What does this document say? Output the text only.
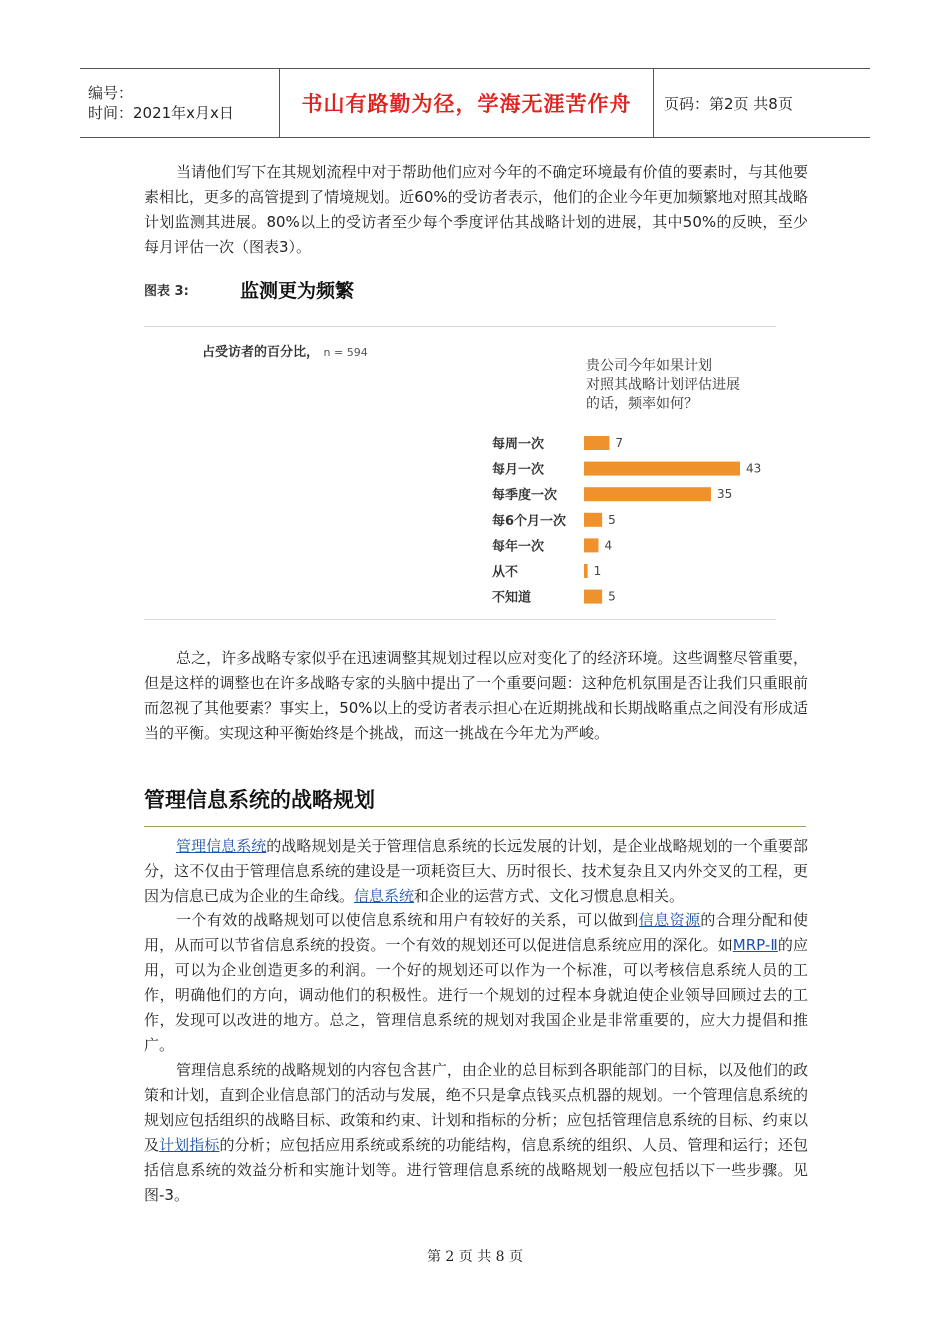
编号：
时间：2021年x月x日	书山有路勤为径，学海无涯苦作舟 页码：第2页 共8页

当请他们写下在其规划流程中对于帮助他们应对今年的不确定环境最有价值的要素时，与其他要素相比，更多的高管提到了情境规划。近60%的受访者表示，他们的企业今年更加频繁地对照其战略计划监测其进展。80%以上的受访者至少每个季度评估其战略计划的进展，其中50%的反映，至少每月评估一次（图表3）。

图表 3:	监测更为频繁
占受访者的百分比， n = 594
贵公司今年如果计划
对照其战略计划评估进展
的话，频率如何？
每周一次	7
每月一次	43
每季度一次	35
每6个月一次	5
每年一次	4
从不	1
不知道	5

总之，许多战略专家似乎在迅速调整其规划过程以应对变化了的经济环境。这些调整尽管重要，但是这样的调整也在许多战略专家的头脑中提出了一个重要问题：这种危机氛围是否让我们只重眼前而忽视了其他要素？事实上，50%以上的受访者表示担心在近期挑战和长期战略重点之间没有形成适当的平衡。实现这种平衡始终是个挑战，而这一挑战在今年尤为严峻。

管理信息系统的战略规划

管理信息系统的战略规划是关于管理信息系统的长远发展的计划，是企业战略规划的一个重要部分，这不仅由于管理信息系统的建设是一项耗资巨大、历时很长、技术复杂且又内外交叉的工程，更因为信息已成为企业的生命线。信息系统和企业的运营方式、文化习惯息息相关。

一个有效的战略规划可以使信息系统和用户有较好的关系，可以做到信息资源的合理分配和使用，从而可以节省信息系统的投资。一个有效的规划还可以促进信息系统应用的深化。如MRP-Ⅱ的应用，可以为企业创造更多的利润。一个好的规划还可以作为一个标准，可以考核信息系统人员的工作，明确他们的方向，调动他们的积极性。进行一个规划的过程本身就迫使企业领导回顾过去的工作，发现可以改进的地方。总之，管理信息系统的规划对我国企业是非常重要的，应大力提倡和推广。

管理信息系统的战略规划的内容包含甚广，由企业的总目标到各职能部门的目标，以及他们的政策和计划，直到企业信息部门的活动与发展，绝不只是拿点钱买点机器的规划。一个管理信息系统的规划应包括组织的战略目标、政策和约束、计划和指标的分析；应包括管理信息系统的目标、约束以及计划指标的分析；应包括应用系统或系统的功能结构，信息系统的组织、人员、管理和运行；还包括信息系统的效益分析和实施计划等。进行管理信息系统的战略规划一般应包括以下一些步骤。见图-3。

第 2 页 共 8 页
